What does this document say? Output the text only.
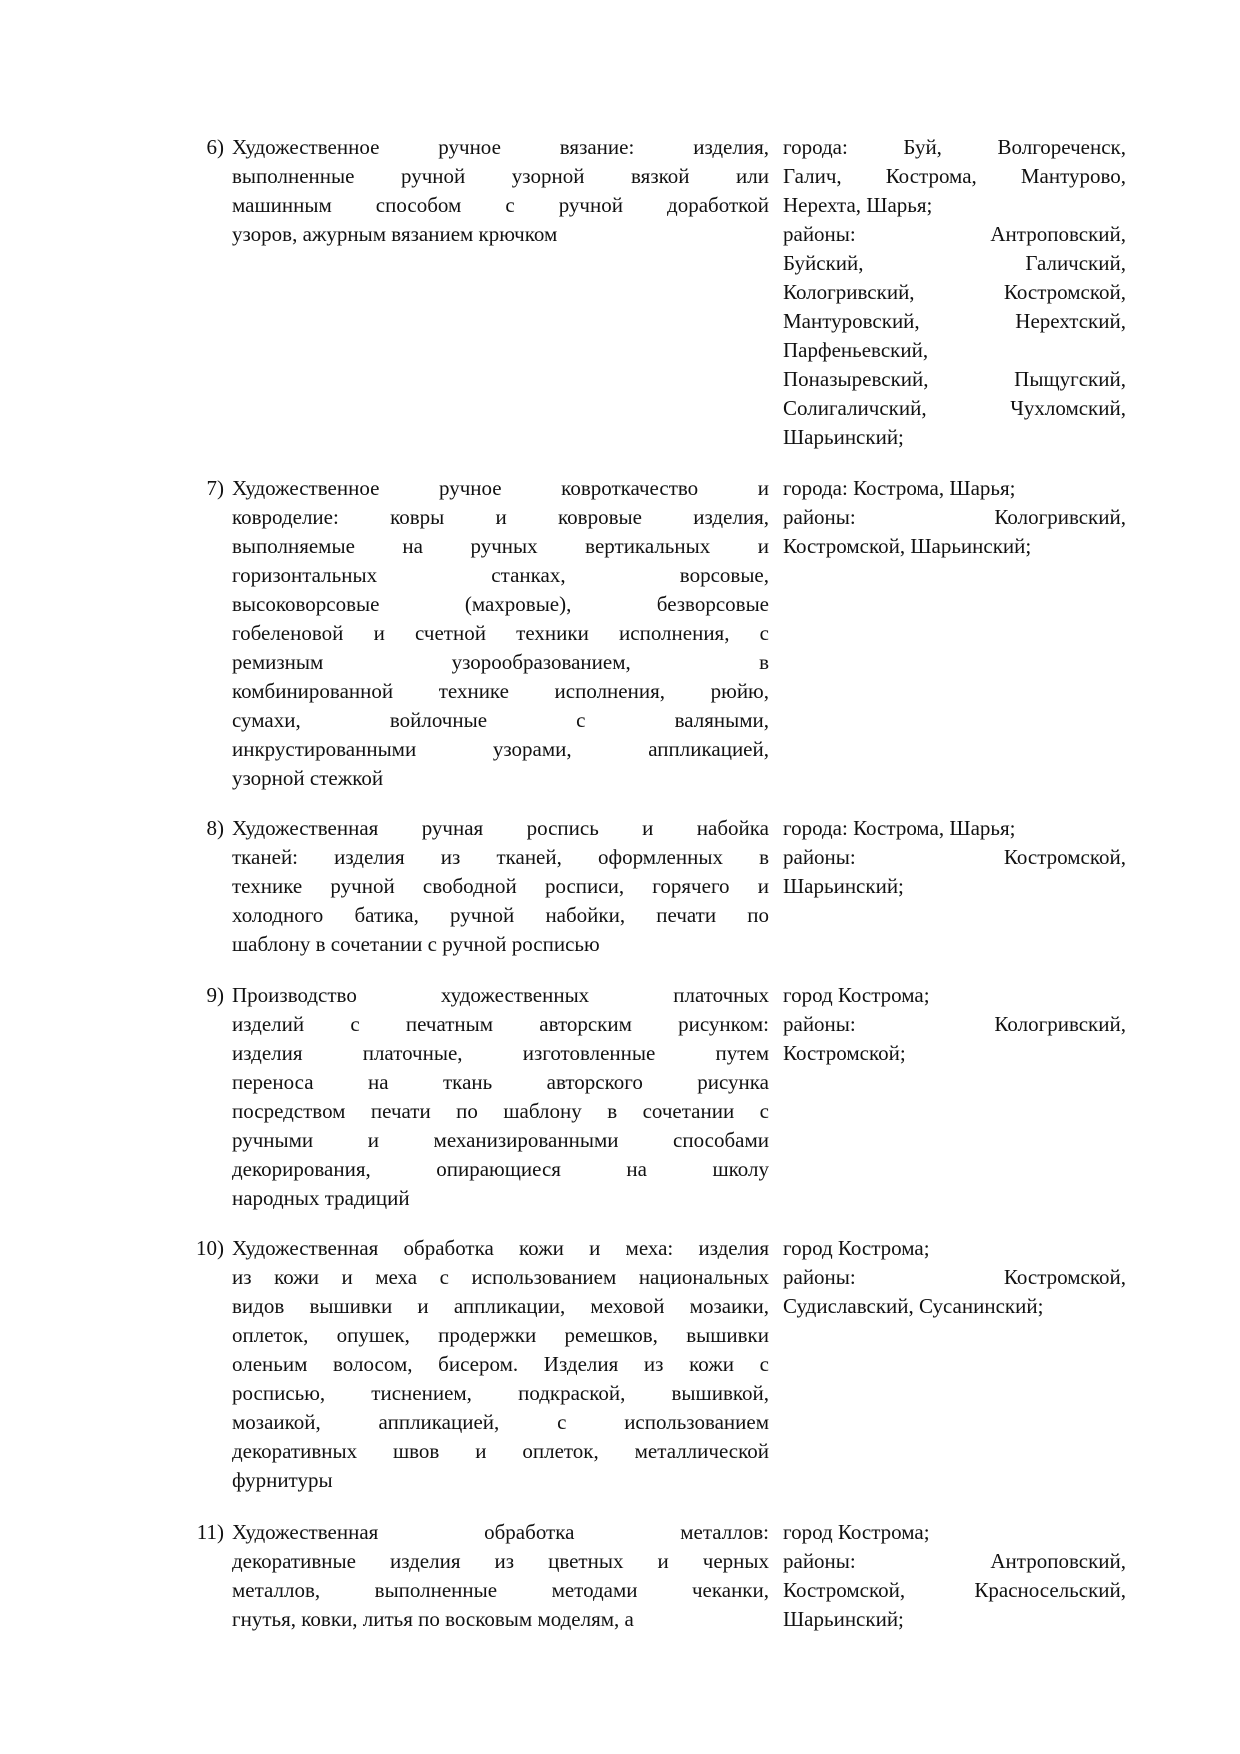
6) Художественное ручное вязание: изделия,
выполненные ручной узорной вязкой или
машинным способом с ручной доработкой
узоров, ажурным вязанием крючком
города: Буй, Волгореченск,
Галич, Кострома, Мантурово,
Нерехта, Шарья;
районы: Антроповский,
Буйский, Галичский,
Кологривский, Костромской,
Мантуровский, Нерехтский,
Парфеньевский,
Поназыревский, Пыщугский,
Солигаличский, Чухломский,
Шарьинский;
7) Художественное ручное ковроткачество и
ковроделие: ковры и ковровые изделия,
выполняемые на ручных вертикальных и
горизонтальных станках, ворсовые,
высоковорсовые (махровые), безворсовые
гобеленовой и счетной техники исполнения, с
ремизным узорообразованием, в
комбинированной технике исполнения, рюйю,
сумахи, войлочные с валяными,
инкрустированными узорами, аппликацией,
узорной стежкой
города: Кострома, Шарья;
районы: Кологривский,
Костромской, Шарьинский;
8) Художественная ручная роспись и набойка
тканей: изделия из тканей, оформленных в
технике ручной свободной росписи, горячего и
холодного батика, ручной набойки, печати по
шаблону в сочетании с ручной росписью
города: Кострома, Шарья;
районы: Костромской,
Шарьинский;
9) Производство художественных платочных
изделий с печатным авторским рисунком:
изделия платочные, изготовленные путем
переноса на ткань авторского рисунка
посредством печати по шаблону в сочетании с
ручными и механизированными способами
декорирования, опирающиеся на школу
народных традиций
город Кострома;
районы: Кологривский,
Костромской;
10) Художественная обработка кожи и меха: изделия
из кожи и меха с использованием национальных
видов вышивки и аппликации, меховой мозаики,
оплеток, опушек, продержки ремешков, вышивки
оленьим волосом, бисером. Изделия из кожи с
росписью, тиснением, подкраской, вышивкой,
мозаикой, аппликацией, с использованием
декоративных швов и оплеток, металлической
фурнитуры
город Кострома;
районы: Костромской,
Судиславский, Сусанинский;
11) Художественная обработка металлов:
декоративные изделия из цветных и черных
металлов, выполненные методами чеканки,
гнутья, ковки, литья по восковым моделям, а
город Кострома;
районы: Антроповский,
Костромской, Красносельский,
Шарьинский;
